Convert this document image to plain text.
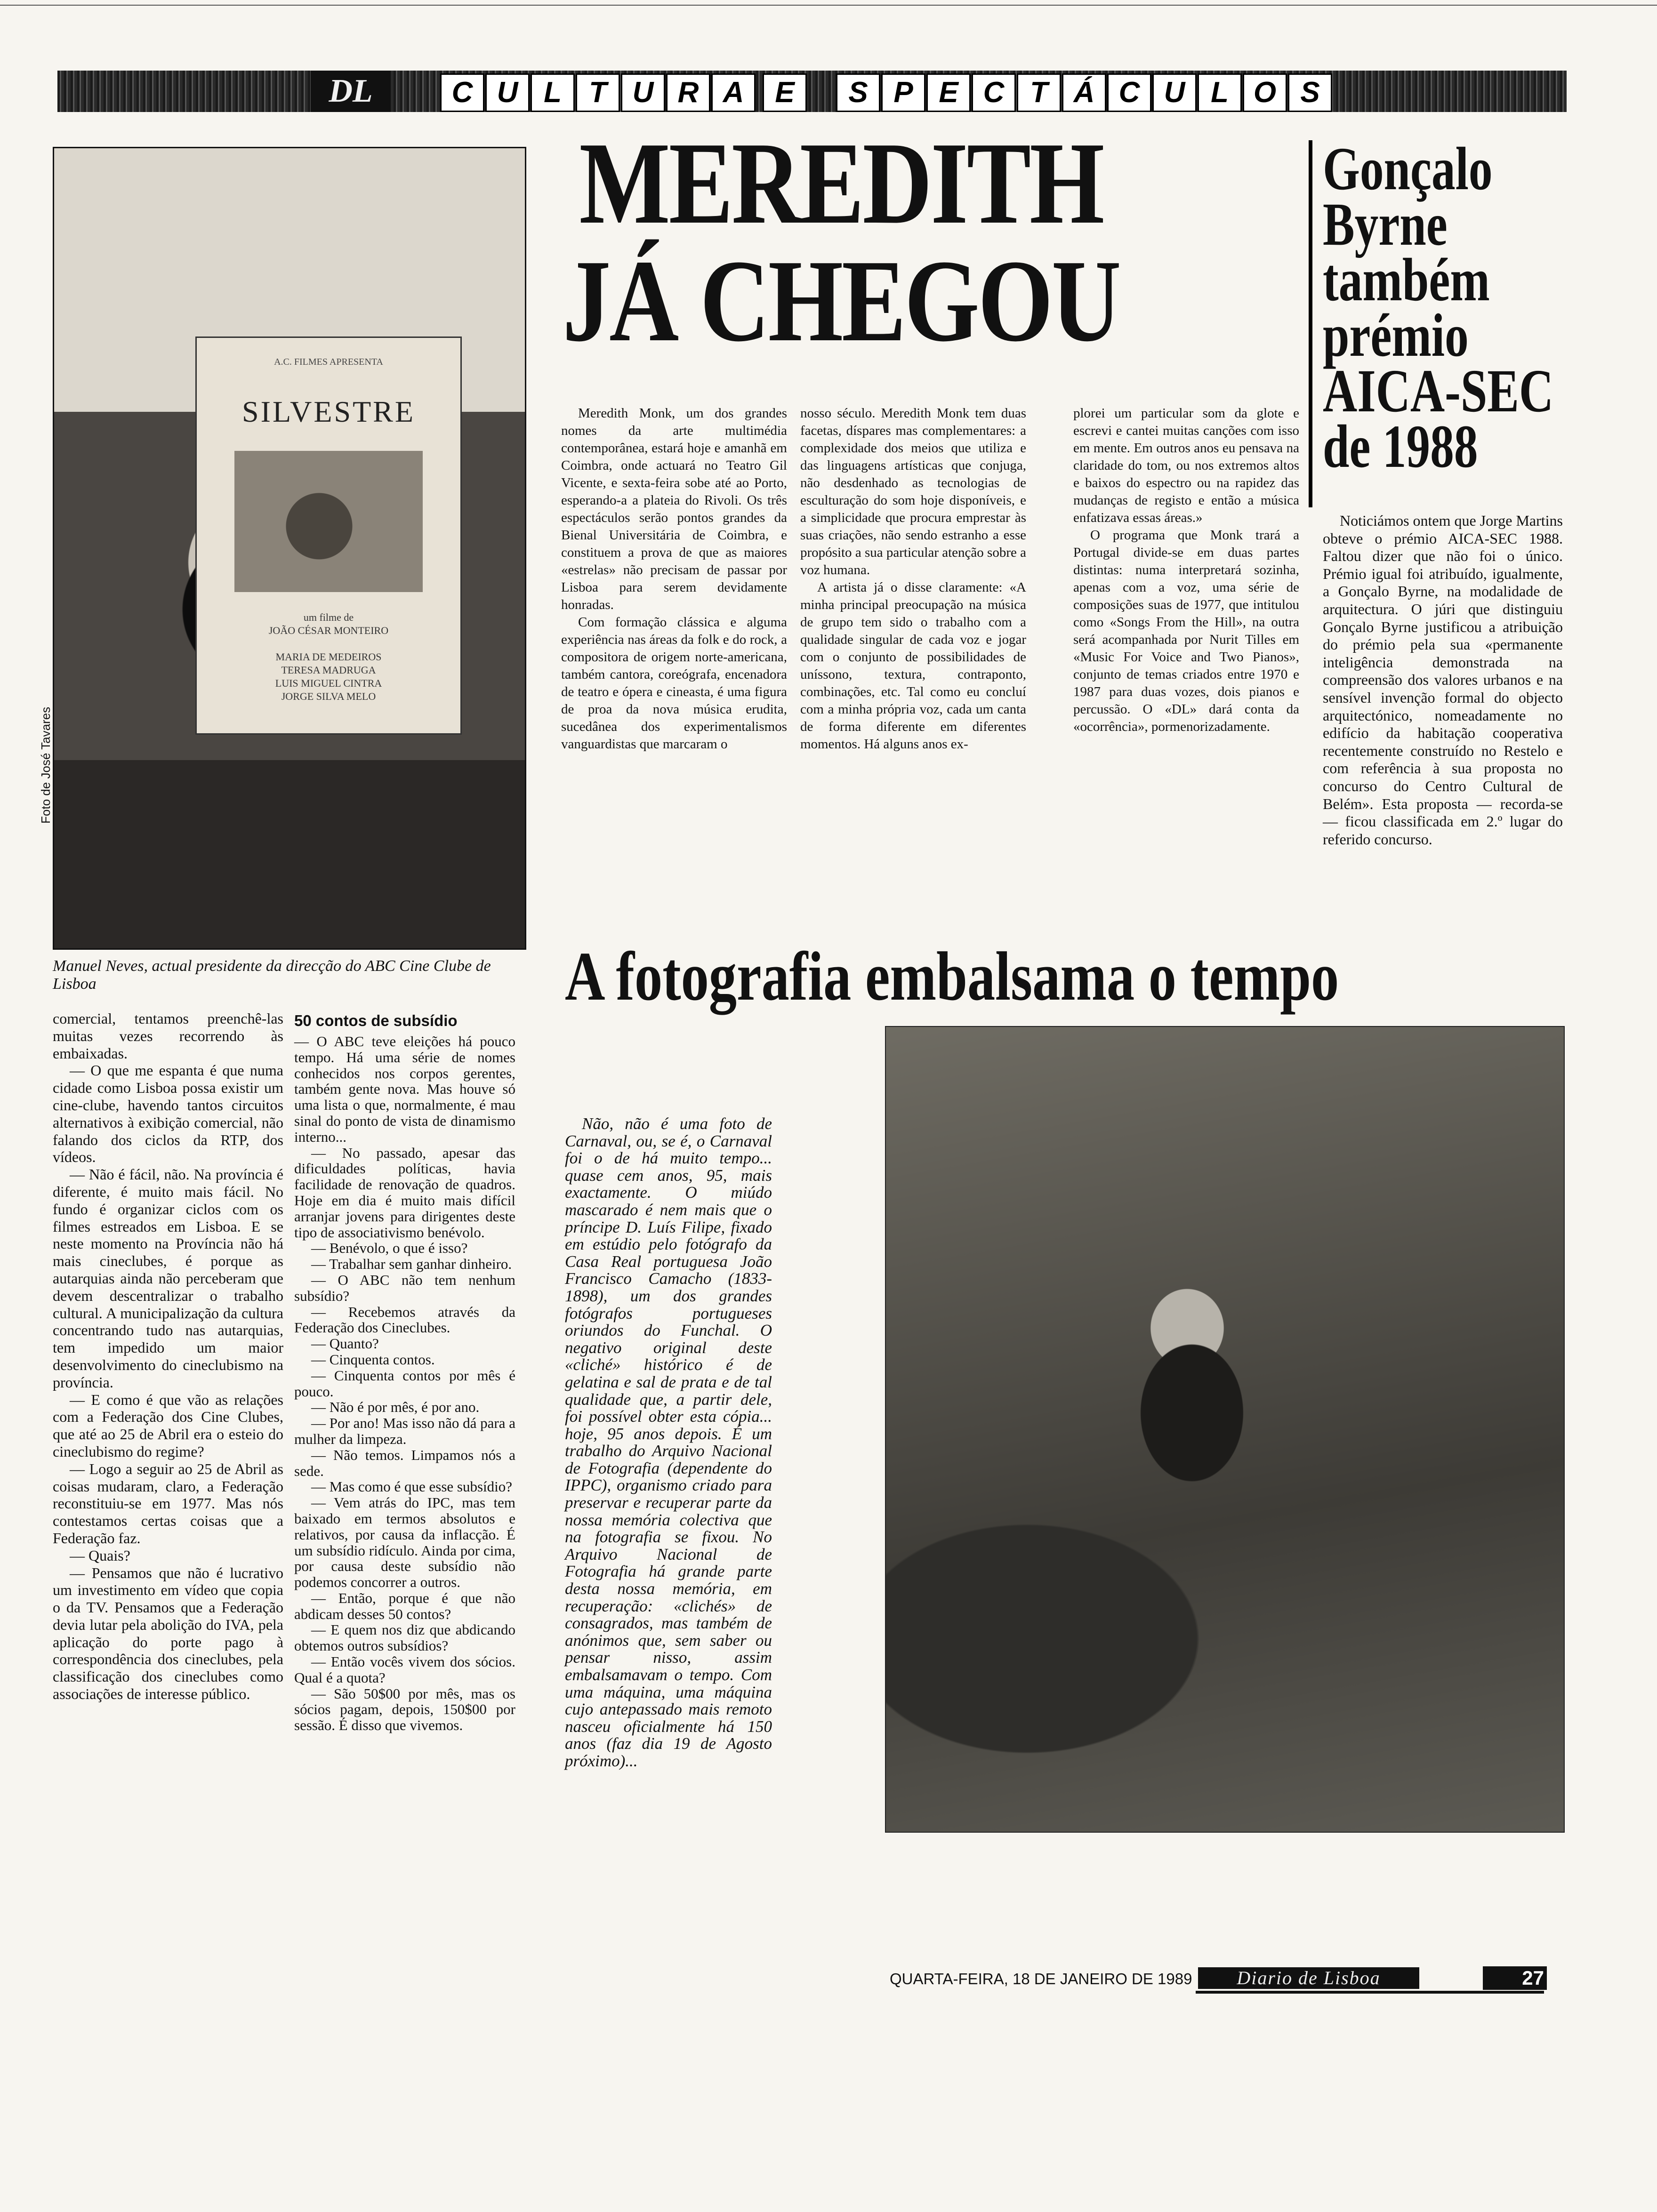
DL	C U L T U R A	E	S P E C T Á C U L O S
A.C. FILMES APRESENTA
SILVESTRE
um filme de
JOÃO CÉSAR MONTEIRO

MARIA DE MEDEIROS
TERESA MADRUGA
LUIS MIGUEL CINTRA
JORGE SILVA MELO
Foto de José Tavares
Manuel Neves, actual presidente da direcção do ABC Cine Clube de Lisboa
MEREDITH
JÁ CHEGOU

Meredith Monk, um dos grandes nomes da arte multimédia contemporânea, estará hoje e amanhã em Coimbra, onde actuará no Teatro Gil Vicente, e sexta-feira sobe até ao Porto, esperando-a a plateia do Rivoli. Os três espectáculos serão pontos grandes da Bienal Universitária de Coimbra, e constituem a prova de que as maiores «estrelas» não precisam de passar por Lisboa para serem devidamente honradas.

Com formação clássica e alguma experiência nas áreas da folk e do rock, a compositora de origem norte-americana, também cantora, coreógrafa, encenadora de teatro e ópera e cineasta, é uma figura de proa da nova música erudita, sucedânea dos experimentalismos vanguardistas que marcaram o

nosso século. Meredith Monk tem duas facetas, díspares mas complementares: a complexidade dos meios que utiliza e das linguagens artísticas que conjuga, não desdenhado as tecnologias de esculturação do som hoje disponíveis, e a simplicidade que procura emprestar às suas criações, não sendo estranho a esse propósito a sua particular atenção sobre a voz humana.

A artista já o disse claramente: «A minha principal preocupação na música de grupo tem sido o trabalho com a qualidade singular de cada voz e jogar com o conjunto de possibilidades de uníssono, textura, contraponto, combinações, etc. Tal como eu concluí com a minha própria voz, cada um canta de forma diferente em diferentes momentos. Há alguns anos ex-

plorei um particular som da glote e escrevi e cantei muitas canções com isso em mente. Em outros anos eu pensava na claridade do tom, ou nos extremos altos e baixos do espectro ou na rapidez das mudanças de registo e então a música enfatizava essas áreas.»

O programa que Monk trará a Portugal divide-se em duas partes distintas: numa interpretará sozinha, apenas com a voz, uma série de composições suas de 1977, que intitulou como «Songs From the Hill», na outra será acompanhada por Nurit Tilles em «Music For Voice and Two Pianos», conjunto de temas criados entre 1970 e 1987 para duas vozes, dois pianos e percussão. O «DL» dará conta da «ocorrência», pormenorizadamente.

Gonçalo Byrne também prémio AICA-SEC de 1988

Noticiámos ontem que Jorge Martins obteve o prémio AICA-SEC 1988. Faltou dizer que não foi o único. Prémio igual foi atribuído, igualmente, a Gonçalo Byrne, na modalidade de arquitectura. O júri que distinguiu Gonçalo Byrne justificou a atribuição do prémio pela sua «permanente inteligência demonstrada na compreensão dos valores urbanos e na sensível invenção formal do objecto arquitectónico, nomeadamente no edifício da habitação cooperativa recentemente construído no Restelo e com referência à sua proposta no concurso do Centro Cultural de Belém». Esta proposta — recorda-se — ficou classificada em 2.º lugar do referido concurso.

comercial, tentamos preenchê-las muitas vezes recorrendo às embaixadas.

— O que me espanta é que numa cidade como Lisboa possa existir um cine-clube, havendo tantos circuitos alternativos à exibição comercial, não falando dos ciclos da RTP, dos vídeos.

— Não é fácil, não. Na província é diferente, é muito mais fácil. No fundo é organizar ciclos com os filmes estreados em Lisboa. E se neste momento na Província não há mais cineclubes, é porque as autarquias ainda não perceberam que devem descentralizar o trabalho cultural. A municipalização da cultura concentrando tudo nas autarquias, tem impedido um maior desenvolvimento do cineclubismo na província.

— E como é que vão as relações com a Federação dos Cine Clubes, que até ao 25 de Abril era o esteio do cineclubismo do regime?

— Logo a seguir ao 25 de Abril as coisas mudaram, claro, a Federação reconstituiu-se em 1977. Mas nós contestamos certas coisas que a Federação faz.

— Quais?

— Pensamos que não é lucrativo um investimento em vídeo que copia o da TV. Pensamos que a Federação devia lutar pela abolição do IVA, pela aplicação do porte pago à correspondência dos cineclubes, pela classificação dos cineclubes como associações de interesse público.

50 contos de subsídio

— O ABC teve eleições há pouco tempo. Há uma série de nomes conhecidos nos corpos gerentes, também gente nova. Mas houve só uma lista o que, normalmente, é mau sinal do ponto de vista de dinamismo interno...

— No passado, apesar das dificuldades políticas, havia facilidade de renovação de quadros. Hoje em dia é muito mais difícil arranjar jovens para dirigentes deste tipo de associativismo benévolo.

— Benévolo, o que é isso?

— Trabalhar sem ganhar dinheiro.

— O ABC não tem nenhum subsídio?

— Recebemos através da Federação dos Cineclubes.

— Quanto?

— Cinquenta contos.

— Cinquenta contos por mês é pouco.

— Não é por mês, é por ano.

— Por ano! Mas isso não dá para a mulher da limpeza.

— Não temos. Limpamos nós a sede.

— Mas como é que esse subsídio?

— Vem atrás do IPC, mas tem baixado em termos absolutos e relativos, por causa da inflacção. É um subsídio ridículo. Ainda por cima, por causa deste subsídio não podemos concorrer a outros.

— Então, porque é que não abdicam desses 50 contos?

— E quem nos diz que abdicando obtemos outros subsídios?

— Então vocês vivem dos sócios. Qual é a quota?

— São 50$00 por mês, mas os sócios pagam, depois, 150$00 por sessão. É disso que vivemos.

A fotografia embalsama o tempo

Não, não é uma foto de Carnaval, ou, se é, o Carnaval foi o de há muito tempo... quase cem anos, 95, mais exactamente. O miúdo mascarado é nem mais que o príncipe D. Luís Filipe, fixado em estúdio pelo fotógrafo da Casa Real portuguesa João Francisco Camacho (1833-1898), um dos grandes fotógrafos portugueses oriundos do Funchal. O negativo original deste «cliché» histórico é de gelatina e sal de prata e de tal qualidade que, a partir dele, foi possível obter esta cópia... hoje, 95 anos depois. É um trabalho do Arquivo Nacional de Fotografia (dependente do IPPC), organismo criado para preservar e recuperar parte da nossa memória colectiva que na fotografia se fixou. No Arquivo Nacional de Fotografia há grande parte desta nossa memória, em recuperação: «clichés» de consagrados, mas também de anónimos que, sem saber ou pensar nisso, assim embalsamavam o tempo. Com uma máquina, uma máquina cujo antepassado mais remoto nasceu oficialmente há 150 anos (faz dia 19 de Agosto próximo)...

QUARTA-FEIRA, 18 DE JANEIRO DE 1989	Diario de Lisboa	27
